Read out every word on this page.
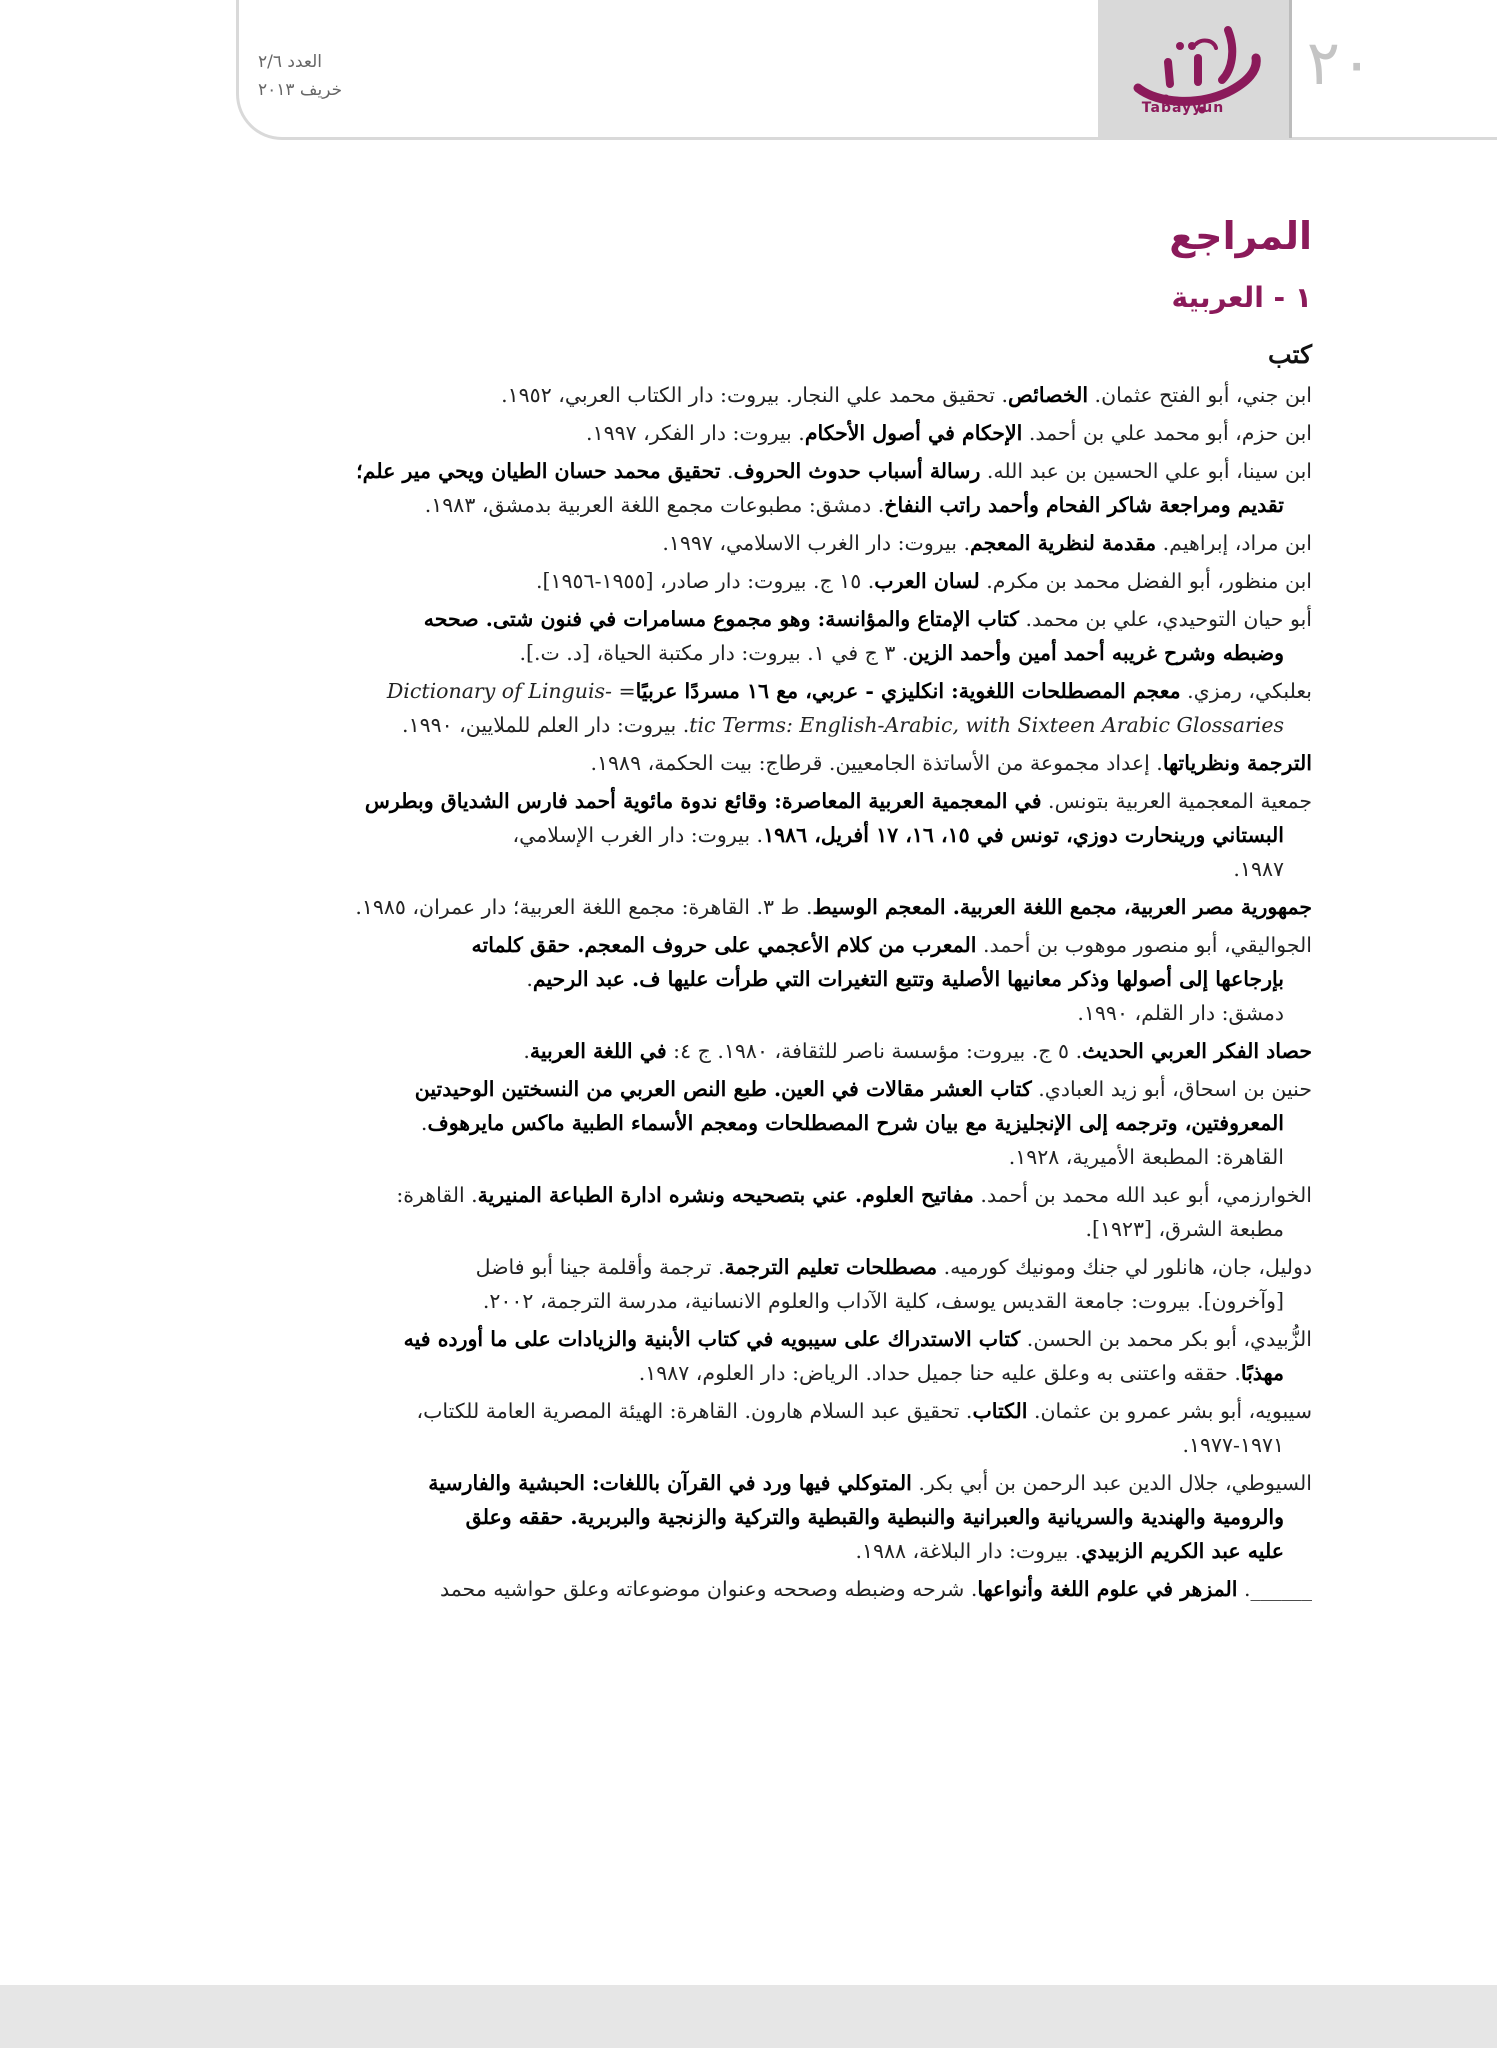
العدد ٢/٦
خريف ٢٠١٣
Tabayyun
٢٠
المراجع
١ - العربية
كتب
ابن جني، أبو الفتح عثمان. الخصائص. تحقيق محمد علي النجار. بيروت: دار الكتاب العربي، ١٩٥٢.
ابن حزم، أبو محمد علي بن أحمد. الإحكام في أصول الأحكام. بيروت: دار الفكر، ١٩٩٧.
ابن سينا، أبو علي الحسين بن عبد الله. رسالة أسباب حدوث الحروف. تحقيق محمد حسان الطيان ويحي مير علم؛
تقديم ومراجعة شاكر الفحام وأحمد راتب النفاخ. دمشق: مطبوعات مجمع اللغة العربية بدمشق، ١٩٨٣.
ابن مراد، إبراهيم. مقدمة لنظرية المعجم. بيروت: دار الغرب الاسلامي، ١٩٩٧.
ابن منظور، أبو الفضل محمد بن مكرم. لسان العرب. ١٥ ج. بيروت: دار صادر، [١٩٥٥-١٩٥٦].
أبو حيان التوحيدي، علي بن محمد. كتاب الإمتاع والمؤانسة: وهو مجموع مسامرات في فنون شتى. صححه
وضبطه وشرح غريبه أحمد أمين وأحمد الزين. ٣ ج في ١. بيروت: دار مكتبة الحياة، [د. ت.].
بعلبكي، رمزي. معجم المصطلحات اللغوية: انكليزي - عربي، مع ١٦ مسردًا عربيًا= Dictionary of Linguis-
tic Terms: English-Arabic, with Sixteen Arabic Glossaries. بيروت: دار العلم للملايين، ١٩٩٠.
الترجمة ونظرياتها. إعداد مجموعة من الأساتذة الجامعيين. قرطاج: بيت الحكمة، ١٩٨٩.
جمعية المعجمية العربية بتونس. في المعجمية العربية المعاصرة: وقائع ندوة مائوية أحمد فارس الشدياق وبطرس
البستاني ورينحارت دوزي، تونس في ١٥، ١٦، ١٧ أفريل، ١٩٨٦. بيروت: دار الغرب الإسلامي،
١٩٨٧.
جمهورية مصر العربية، مجمع اللغة العربية. المعجم الوسيط. ط ٣. القاهرة: مجمع اللغة العربية؛ دار عمران، ١٩٨٥.
الجواليقي، أبو منصور موهوب بن أحمد. المعرب من كلام الأعجمي على حروف المعجم. حقق كلماته
بإرجاعها إلى أصولها وذكر معانيها الأصلية وتتبع التغيرات التي طرأت عليها ف. عبد الرحيم.
دمشق: دار القلم، ١٩٩٠.
حصاد الفكر العربي الحديث. ٥ ج. بيروت: مؤسسة ناصر للثقافة، ١٩٨٠. ج ٤: في اللغة العربية.
حنين بن اسحاق، أبو زيد العبادي. كتاب العشر مقالات في العين. طبع النص العربي من النسختين الوحيدتين
المعروفتين، وترجمه إلى الإنجليزية مع بيان شرح المصطلحات ومعجم الأسماء الطبية ماكس مايرهوف.
القاهرة: المطبعة الأميرية، ١٩٢٨.
الخوارزمي، أبو عبد الله محمد بن أحمد. مفاتيح العلوم. عني بتصحيحه ونشره ادارة الطباعة المنيرية. القاهرة:
مطبعة الشرق، [١٩٢٣].
دوليل، جان، هانلور لي جنك ومونيك كورميه. مصطلحات تعليم الترجمة. ترجمة وأقلمة جينا أبو فاضل
[وآخرون]. بيروت: جامعة القديس يوسف، كلية الآداب والعلوم الانسانية، مدرسة الترجمة، ٢٠٠٢.
الزُّبيدي، أبو بكر محمد بن الحسن. كتاب الاستدراك على سيبويه في كتاب الأبنية والزيادات على ما أورده فيه
مهذبًا. حققه واعتنى به وعلق عليه حنا جميل حداد. الرياض: دار العلوم، ١٩٨٧.
سيبويه، أبو بشر عمرو بن عثمان. الكتاب. تحقيق عبد السلام هارون. القاهرة: الهيئة المصرية العامة للكتاب،
١٩٧١-١٩٧٧.
السيوطي، جلال الدين عبد الرحمن بن أبي بكر. المتوكلي فيها ورد في القرآن باللغات: الحبشية والفارسية
والرومية والهندية والسريانية والعبرانية والنبطية والقبطية والتركية والزنجية والبربرية. حققه وعلق
عليه عبد الكريم الزبيدي. بيروت: دار البلاغة، ١٩٨٨.
______. المزهر في علوم اللغة وأنواعها. شرحه وضبطه وصححه وعنوان موضوعاته وعلق حواشيه محمد
